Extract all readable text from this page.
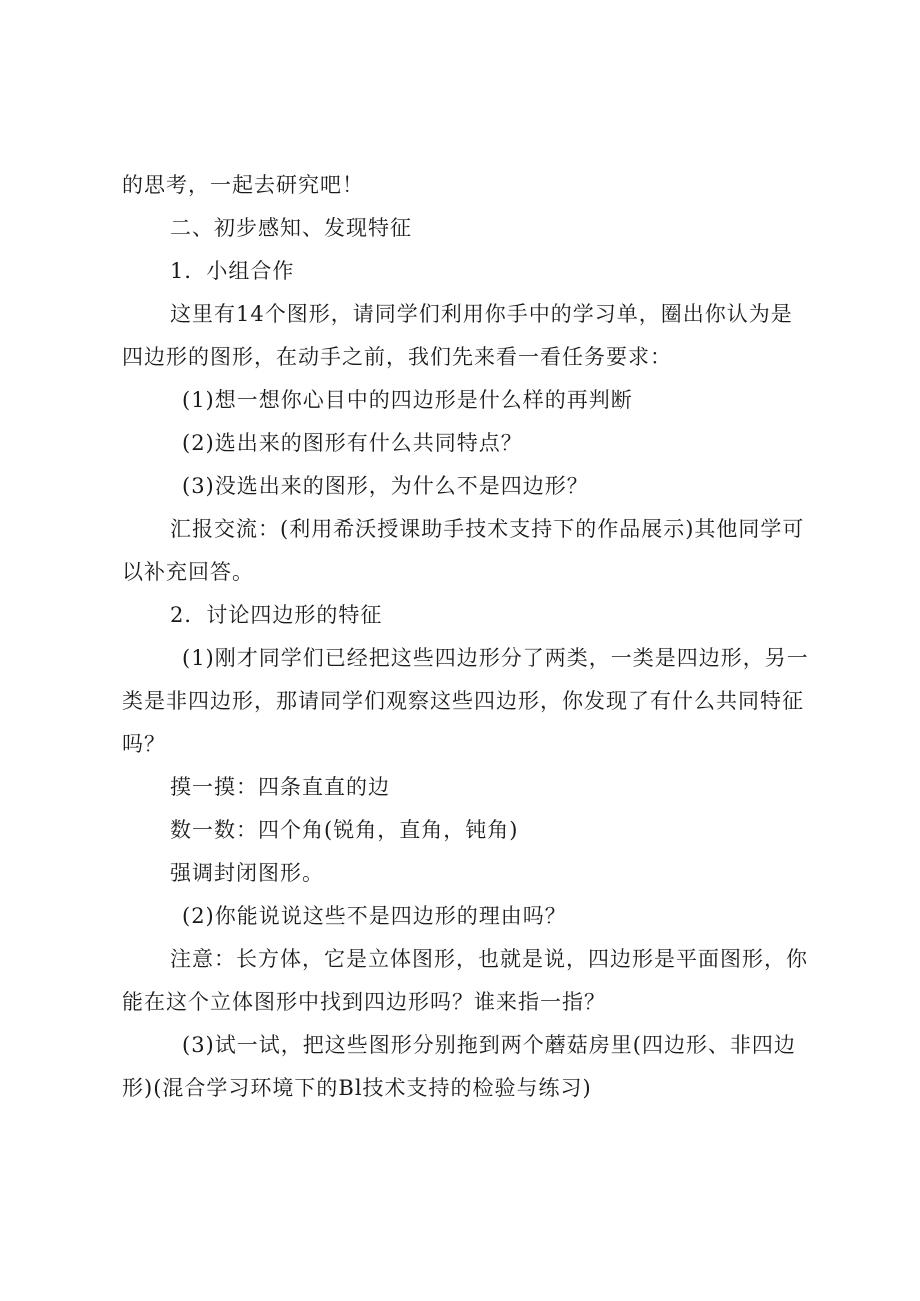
的思考，一起去研究吧！

二、初步感知、发现特征

1．小组合作

这里有14个图形，请同学们利用你手中的学习单，圈出你认为是四边形的图形，在动手之前，我们先来看一看任务要求：

(1)想一想你心目中的四边形是什么样的再判断

(2)选出来的图形有什么共同特点？

(3)没选出来的图形，为什么不是四边形？

汇报交流：(利用希沃授课助手技术支持下的作品展示)其他同学可以补充回答。

2．讨论四边形的特征

(1)刚才同学们已经把这些四边形分了两类，一类是四边形，另一类是非四边形，那请同学们观察这些四边形，你发现了有什么共同特征吗？

摸一摸：四条直直的边

数一数：四个角(锐角，直角，钝角)

强调封闭图形。

(2)你能说说这些不是四边形的理由吗？

注意：长方体，它是立体图形，也就是说，四边形是平面图形，你能在这个立体图形中找到四边形吗？谁来指一指？

(3)试一试，把这些图形分别拖到两个蘑菇房里(四边形、非四边形)(混合学习环境下的Bl技术支持的检验与练习)
